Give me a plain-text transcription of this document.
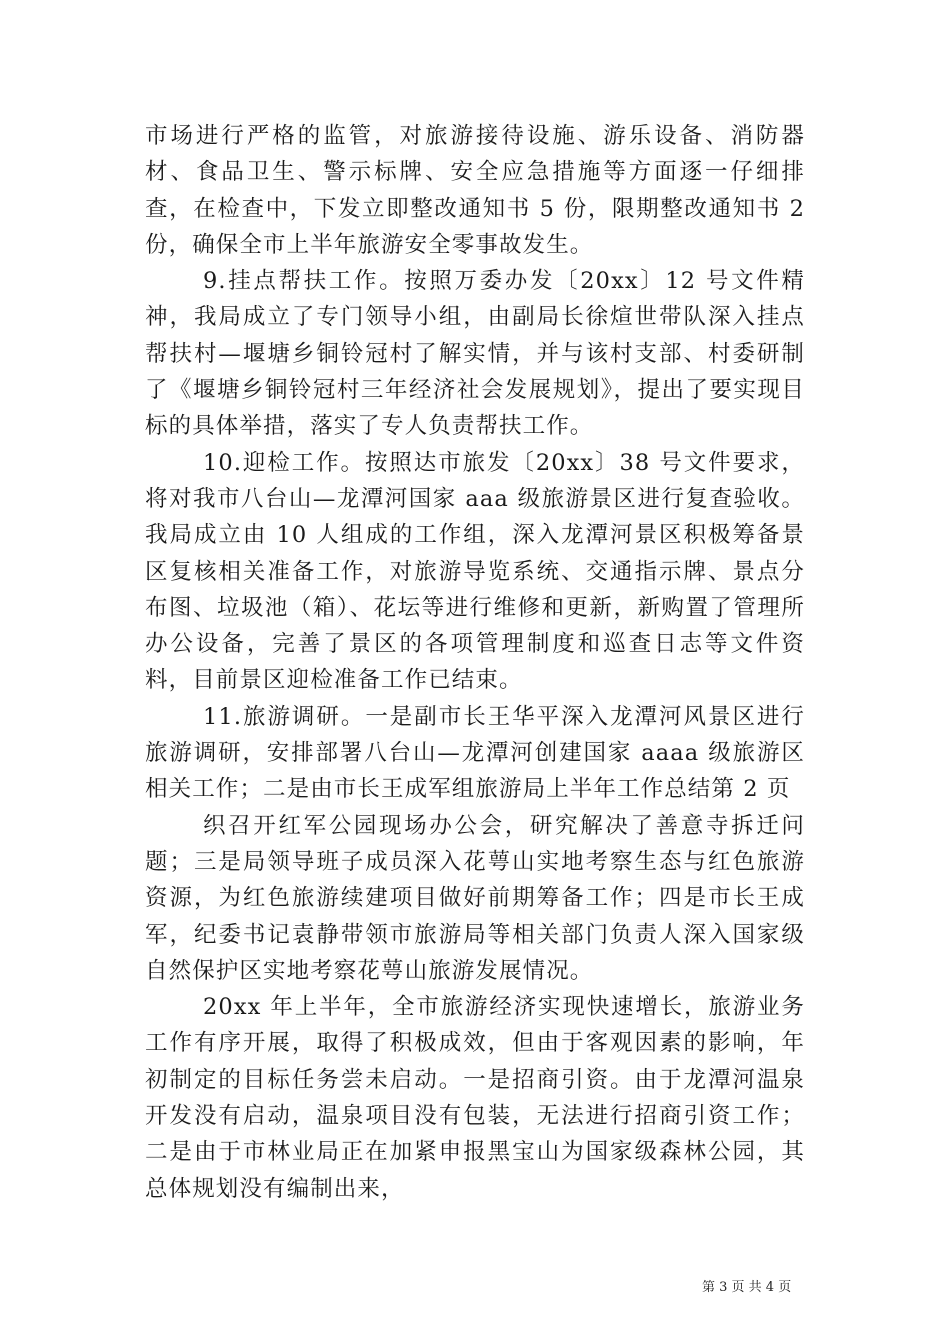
市场进行严格的监管，对旅游接待设施、游乐设备、消防器材、食品卫生、警示标牌、安全应急措施等方面逐一仔细排查，在检查中，下发立即整改通知书 5 份，限期整改通知书 2 份，确保全市上半年旅游安全零事故发生。

9.挂点帮扶工作。按照万委办发〔20xx〕12 号文件精神，我局成立了专门领导小组，由副局长徐煊世带队深入挂点帮扶村—堰塘乡铜铃冠村了解实情，并与该村支部、村委研制了《堰塘乡铜铃冠村三年经济社会发展规划》，提出了要实现目标的具体举措，落实了专人负责帮扶工作。

10.迎检工作。按照达市旅发〔20xx〕38 号文件要求，将对我市八台山—龙潭河国家 aaa 级旅游景区进行复查验收。我局成立由 10 人组成的工作组，深入龙潭河景区积极筹备景区复核相关准备工作，对旅游导览系统、交通指示牌、景点分布图、垃圾池（箱）、花坛等进行维修和更新，新购置了管理所办公设备，完善了景区的各项管理制度和巡查日志等文件资料，目前景区迎检准备工作已结束。

11.旅游调研。一是副市长王华平深入龙潭河风景区进行旅游调研，安排部署八台山—龙潭河创建国家 aaaa 级旅游区相关工作；二是由市长王成军组旅游局上半年工作总结第 2 页

织召开红军公园现场办公会，研究解决了善意寺拆迁问题；三是局领导班子成员深入花萼山实地考察生态与红色旅游资源，为红色旅游续建项目做好前期筹备工作；四是市长王成军，纪委书记袁静带领市旅游局等相关部门负责人深入国家级自然保护区实地考察花萼山旅游发展情况。

20xx 年上半年，全市旅游经济实现快速增长，旅游业务工作有序开展，取得了积极成效，但由于客观因素的影响，年初制定的目标任务尝未启动。一是招商引资。由于龙潭河温泉开发没有启动，温泉项目没有包装，无法进行招商引资工作；二是由于市林业局正在加紧申报黑宝山为国家级森林公园，其总体规划没有编制出来，

第 3 页 共 4 页
